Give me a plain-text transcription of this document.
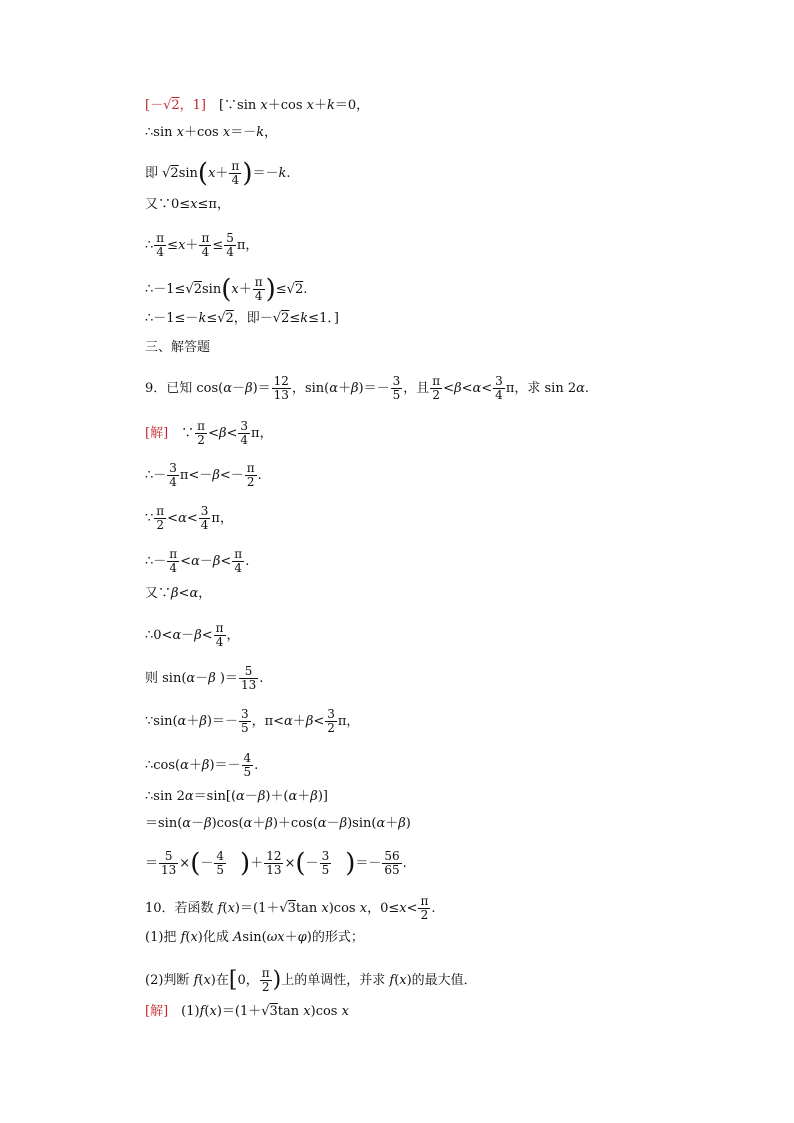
[－√2，1]　[∵sin x＋cos x＋k＝0，
∴sin x＋cos x＝－k，
即 $√2\sin(x+ \frac{\pi}{4} )=-k$.
又∵0≤x≤π，
∴ $\frac{\pi}{4} \le x+ \frac{\pi}{4} \le \frac{5}{4}$ π，
∴－1≤√2sin(x＋ $\frac{\pi}{4} )\le√2$.
∴－1≤－k≤√2，即－√2≤k≤1．]
三、解答题
9．已知 $\cos(\alpha-\beta)= \frac{12}{13}$ ，$\sin(\alpha+\beta)=- \frac{3}{5}$ ，且 $\frac{\pi}{2} <\beta<\alpha< \frac{3}{4}$ π，求 sin 2α.
[解]　∵ $\frac{\pi}{2} <\beta< \frac{3}{4}$ π，
∴－ $\frac{3}{4} \pi<-\beta<- \frac{\pi}{2}$ .
∵ $\frac{\pi}{2} <\alpha< \frac{3}{4}$ π，
∴－ $\frac{\pi}{4} <\alpha-\beta< \frac{\pi}{4}$ .
又∵β<α，
∴0<α－β< $\frac{\pi}{4}$ ，
则 sin(α－β )＝ $\frac{5}{13}$ .
∵sin(α＋β)＝－ $\frac{3}{5}$ ，$\pi<\alpha+\beta< \frac{3}{2}$ π，
∴cos(α＋β)＝－ $\frac{4}{5}$ .
∴sin 2α＝sin[(α－β)＋(α＋β)]
＝sin(α－β)cos(α＋β)＋cos(α－β)sin(α＋β)
＝ $\frac{5}{13}$ ×(－ $\frac{4}{5}$
　 )＋ $\frac{12}{13}$ ×(－ $\frac{3}{5}$
　 )＝－ $\frac{56}{65}$ .
10．若函数 f(x)＝(1＋√3tan x)cos x，$0\le x< \frac{\pi}{2}$ .
(1)把 f(x)化成 Asin(ωx＋φ)的形式；
(2)判断 f(x)在[0， $\frac{\pi}{2}$ )上的单调性，并求 f(x)的最大值．
[解]　(1)f(x)＝(1＋√3tan x)cos x
